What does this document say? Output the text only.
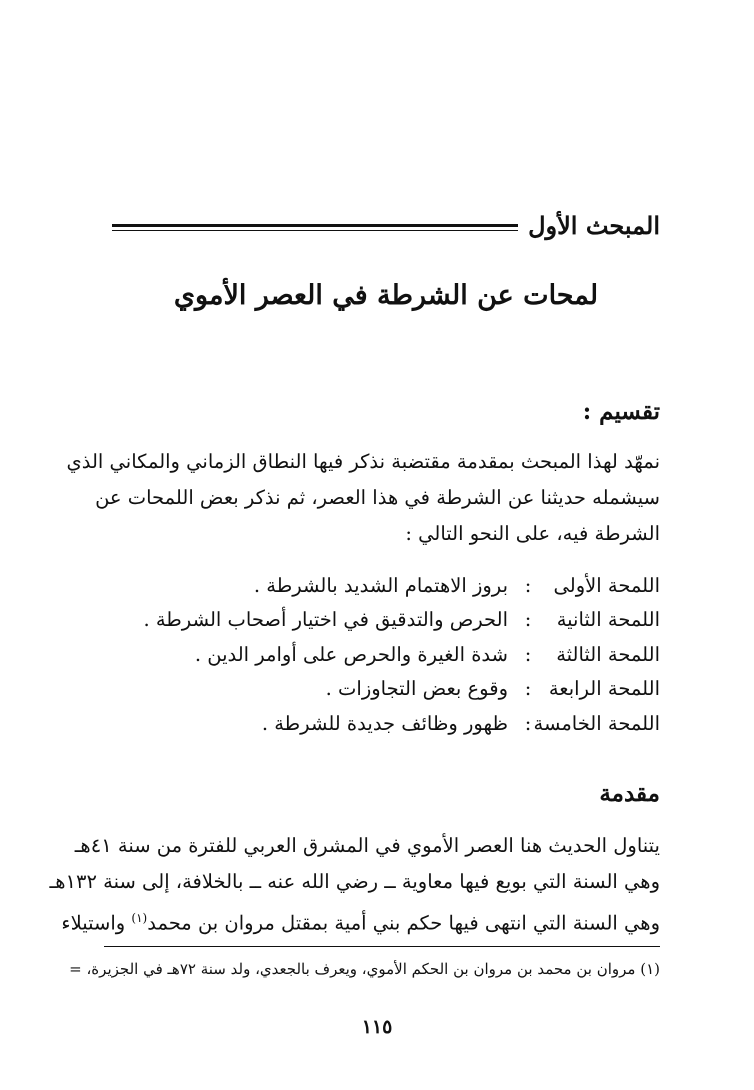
المبحث الأول
لمحات عن الشرطة في العصر الأموي
تقسيم :
نمهّد لهذا المبحث بمقدمة مقتضبة نذكر فيها النطاق الزماني والمكاني الذي
سيشمله حديثنا عن الشرطة في هذا العصر، ثم نذكر بعض اللمحات عن
الشرطة فيه، على النحو التالي :
اللمحة الأولى
:
بروز الاهتمام الشديد بالشرطة .
اللمحة الثانية
:
الحرص والتدقيق في اختيار أصحاب الشرطة .
اللمحة الثالثة
:
شدة الغيرة والحرص على أوامر الدين .
اللمحة الرابعة
:
وقوع بعض التجاوزات .
اللمحة الخامسة
:
ظهور وظائف جديدة للشرطة .
مقدمة
يتناول الحديث هنا العصر الأموي في المشرق العربي للفترة من سنة ٤١هـ
وهي السنة التي بويع فيها معاوية ــ رضي الله عنه ــ بالخلافة، إلى سنة ١٣٢هـ
وهي السنة التي انتهى فيها حكم بني أمية بمقتل مروان بن محمد$^{(١)}$ واستيلاء
(١) مروان بن محمد بن مروان بن الحكم الأموي، ويعرف بالجعدي، ولد سنة ٧٢هـ في الجزيرة، =
١١٥
